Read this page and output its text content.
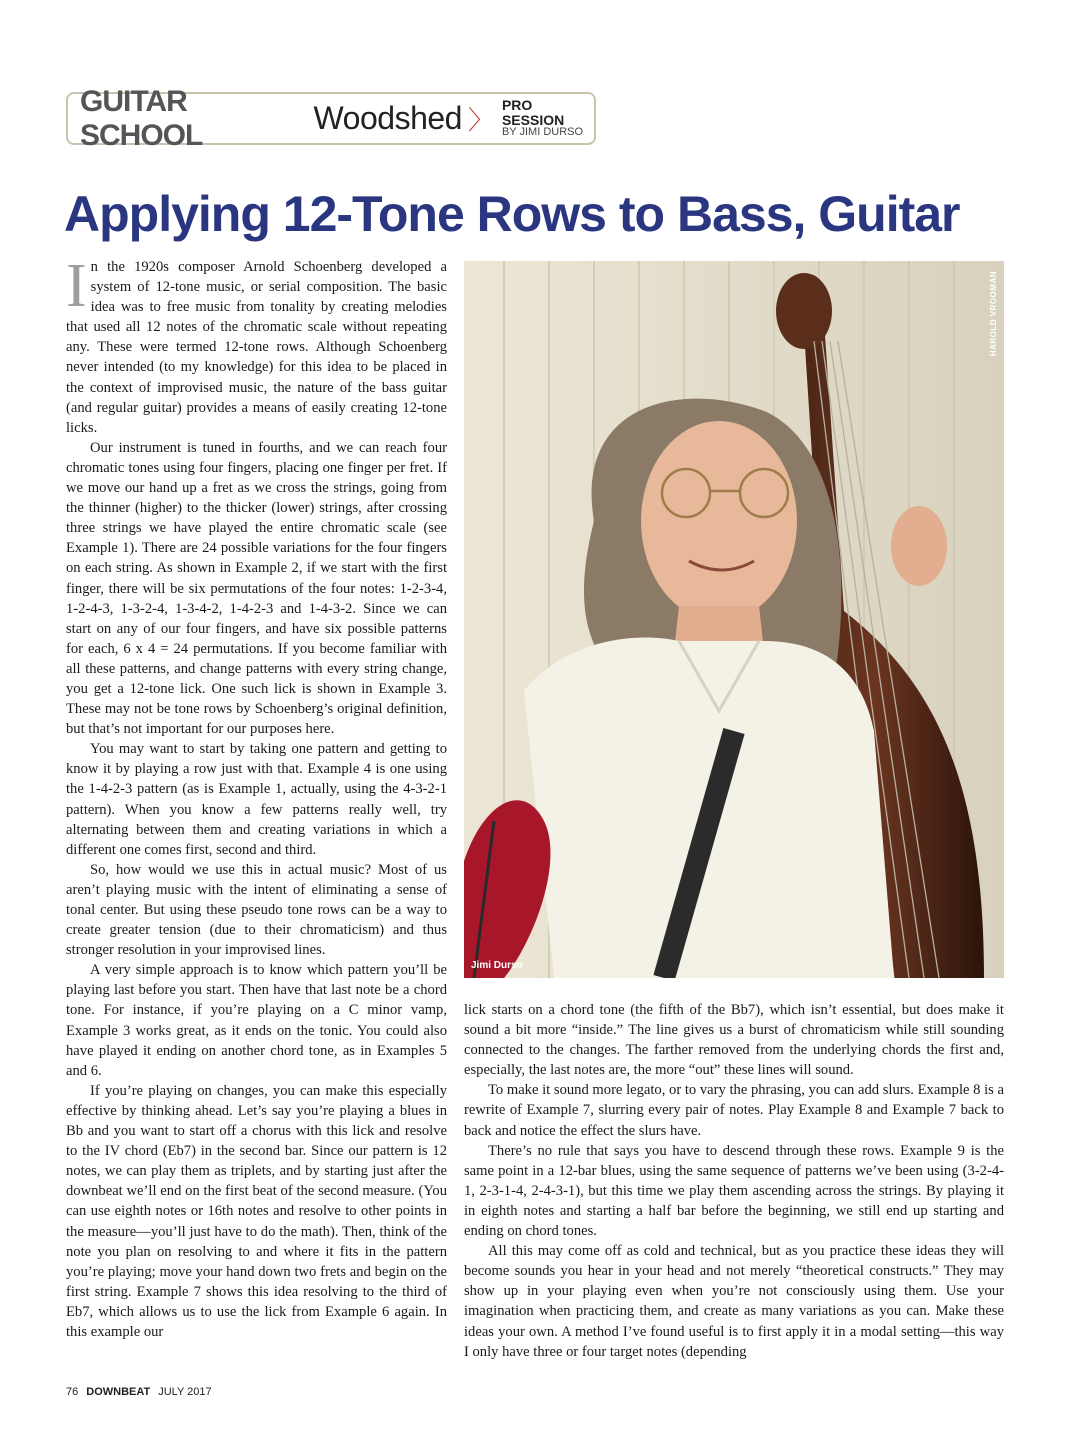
GUITAR SCHOOL	Woodshed 〉 PRO SESSION
BY JIMI DURSO
Applying 12-Tone Rows to Bass, Guitar

In the 1920s composer Arnold Schoenberg developed a system of 12-tone music, or serial composition. The basic idea was to free music from tonality by creating melodies that used all 12 notes of the chromatic scale without repeating any. These were termed 12-tone rows. Although Schoenberg never intended (to my knowledge) for this idea to be placed in the context of improvised music, the nature of the bass guitar (and regular guitar) provides a means of easily creating 12-tone licks.

Our instrument is tuned in fourths, and we can reach four chromatic tones using four fingers, placing one finger per fret. If we move our hand up a fret as we cross the strings, going from the thinner (higher) to the thicker (lower) strings, after crossing three strings we have played the entire chromatic scale (see Example 1). There are 24 possible variations for the four fingers on each string. As shown in Example 2, if we start with the first finger, there will be six permutations of the four notes: 1-2-3-4, 1-2-4-3, 1-3-2-4, 1-3-4-2, 1-4-2-3 and 1-4-3-2. Since we can start on any of our four fingers, and have six possible patterns for each, 6 x 4 = 24 permutations. If you become familiar with all these patterns, and change patterns with every string change, you get a 12-tone lick. One such lick is shown in Example 3. These may not be tone rows by Schoenberg’s original definition, but that’s not important for our purposes here.

You may want to start by taking one pattern and getting to know it by playing a row just with that. Example 4 is one using the 1-4-2-3 pattern (as is Example 1, actually, using the 4-3-2-1 pattern). When you know a few patterns really well, try alternating between them and creating variations in which a different one comes first, second and third.

So, how would we use this in actual music? Most of us aren’t playing music with the intent of eliminating a sense of tonal center. But using these pseudo tone rows can be a way to create greater tension (due to their chromaticism) and thus stronger resolution in your improvised lines.

A very simple approach is to know which pattern you’ll be playing last before you start. Then have that last note be a chord tone. For instance, if you’re playing on a C minor vamp, Example 3 works great, as it ends on the tonic. You could also have played it ending on another chord tone, as in Examples 5 and 6.

If you’re playing on changes, you can make this especially effective by thinking ahead. Let’s say you’re playing a blues in Bb and you want to start off a chorus with this lick and resolve to the IV chord (Eb7) in the second bar. Since our pattern is 12 notes, we can play them as triplets, and by starting just after the downbeat we’ll end on the first beat of the second measure. (You can use eighth notes or 16th notes and resolve to other points in the measure—you’ll just have to do the math). Then, think of the note you plan on resolving to and where it fits in the pattern you’re playing; move your hand down two frets and begin on the first string. Example 7 shows this idea resolving to the third of Eb7, which allows us to use the lick from Example 6 again. In this example our

HAROLD VROOMAN
Jimi Durso

lick starts on a chord tone (the fifth of the Bb7), which isn’t essential, but does make it sound a bit more “inside.” The line gives us a burst of chromaticism while still sounding connected to the changes. The farther removed from the underlying chords the first and, especially, the last notes are, the more “out” these lines will sound.

To make it sound more legato, or to vary the phrasing, you can add slurs. Example 8 is a rewrite of Example 7, slurring every pair of notes. Play Example 8 and Example 7 back to back and notice the effect the slurs have.

There’s no rule that says you have to descend through these rows. Example 9 is the same point in a 12-bar blues, using the same sequence of patterns we’ve been using (3-2-4-1, 2-3-1-4, 2-4-3-1), but this time we play them ascending across the strings. By playing it in eighth notes and starting a half bar before the beginning, we still end up starting and ending on chord tones.

All this may come off as cold and technical, but as you practice these ideas they will become sounds you hear in your head and not merely “theoretical constructs.” They may show up in your playing even when you’re not consciously using them. Use your imagination when practicing them, and create as many variations as you can. Make these ideas your own. A method I’ve found useful is to first apply it in a modal setting—this way I only have three or four target notes (depending

76 DOWNBEAT JULY 2017
